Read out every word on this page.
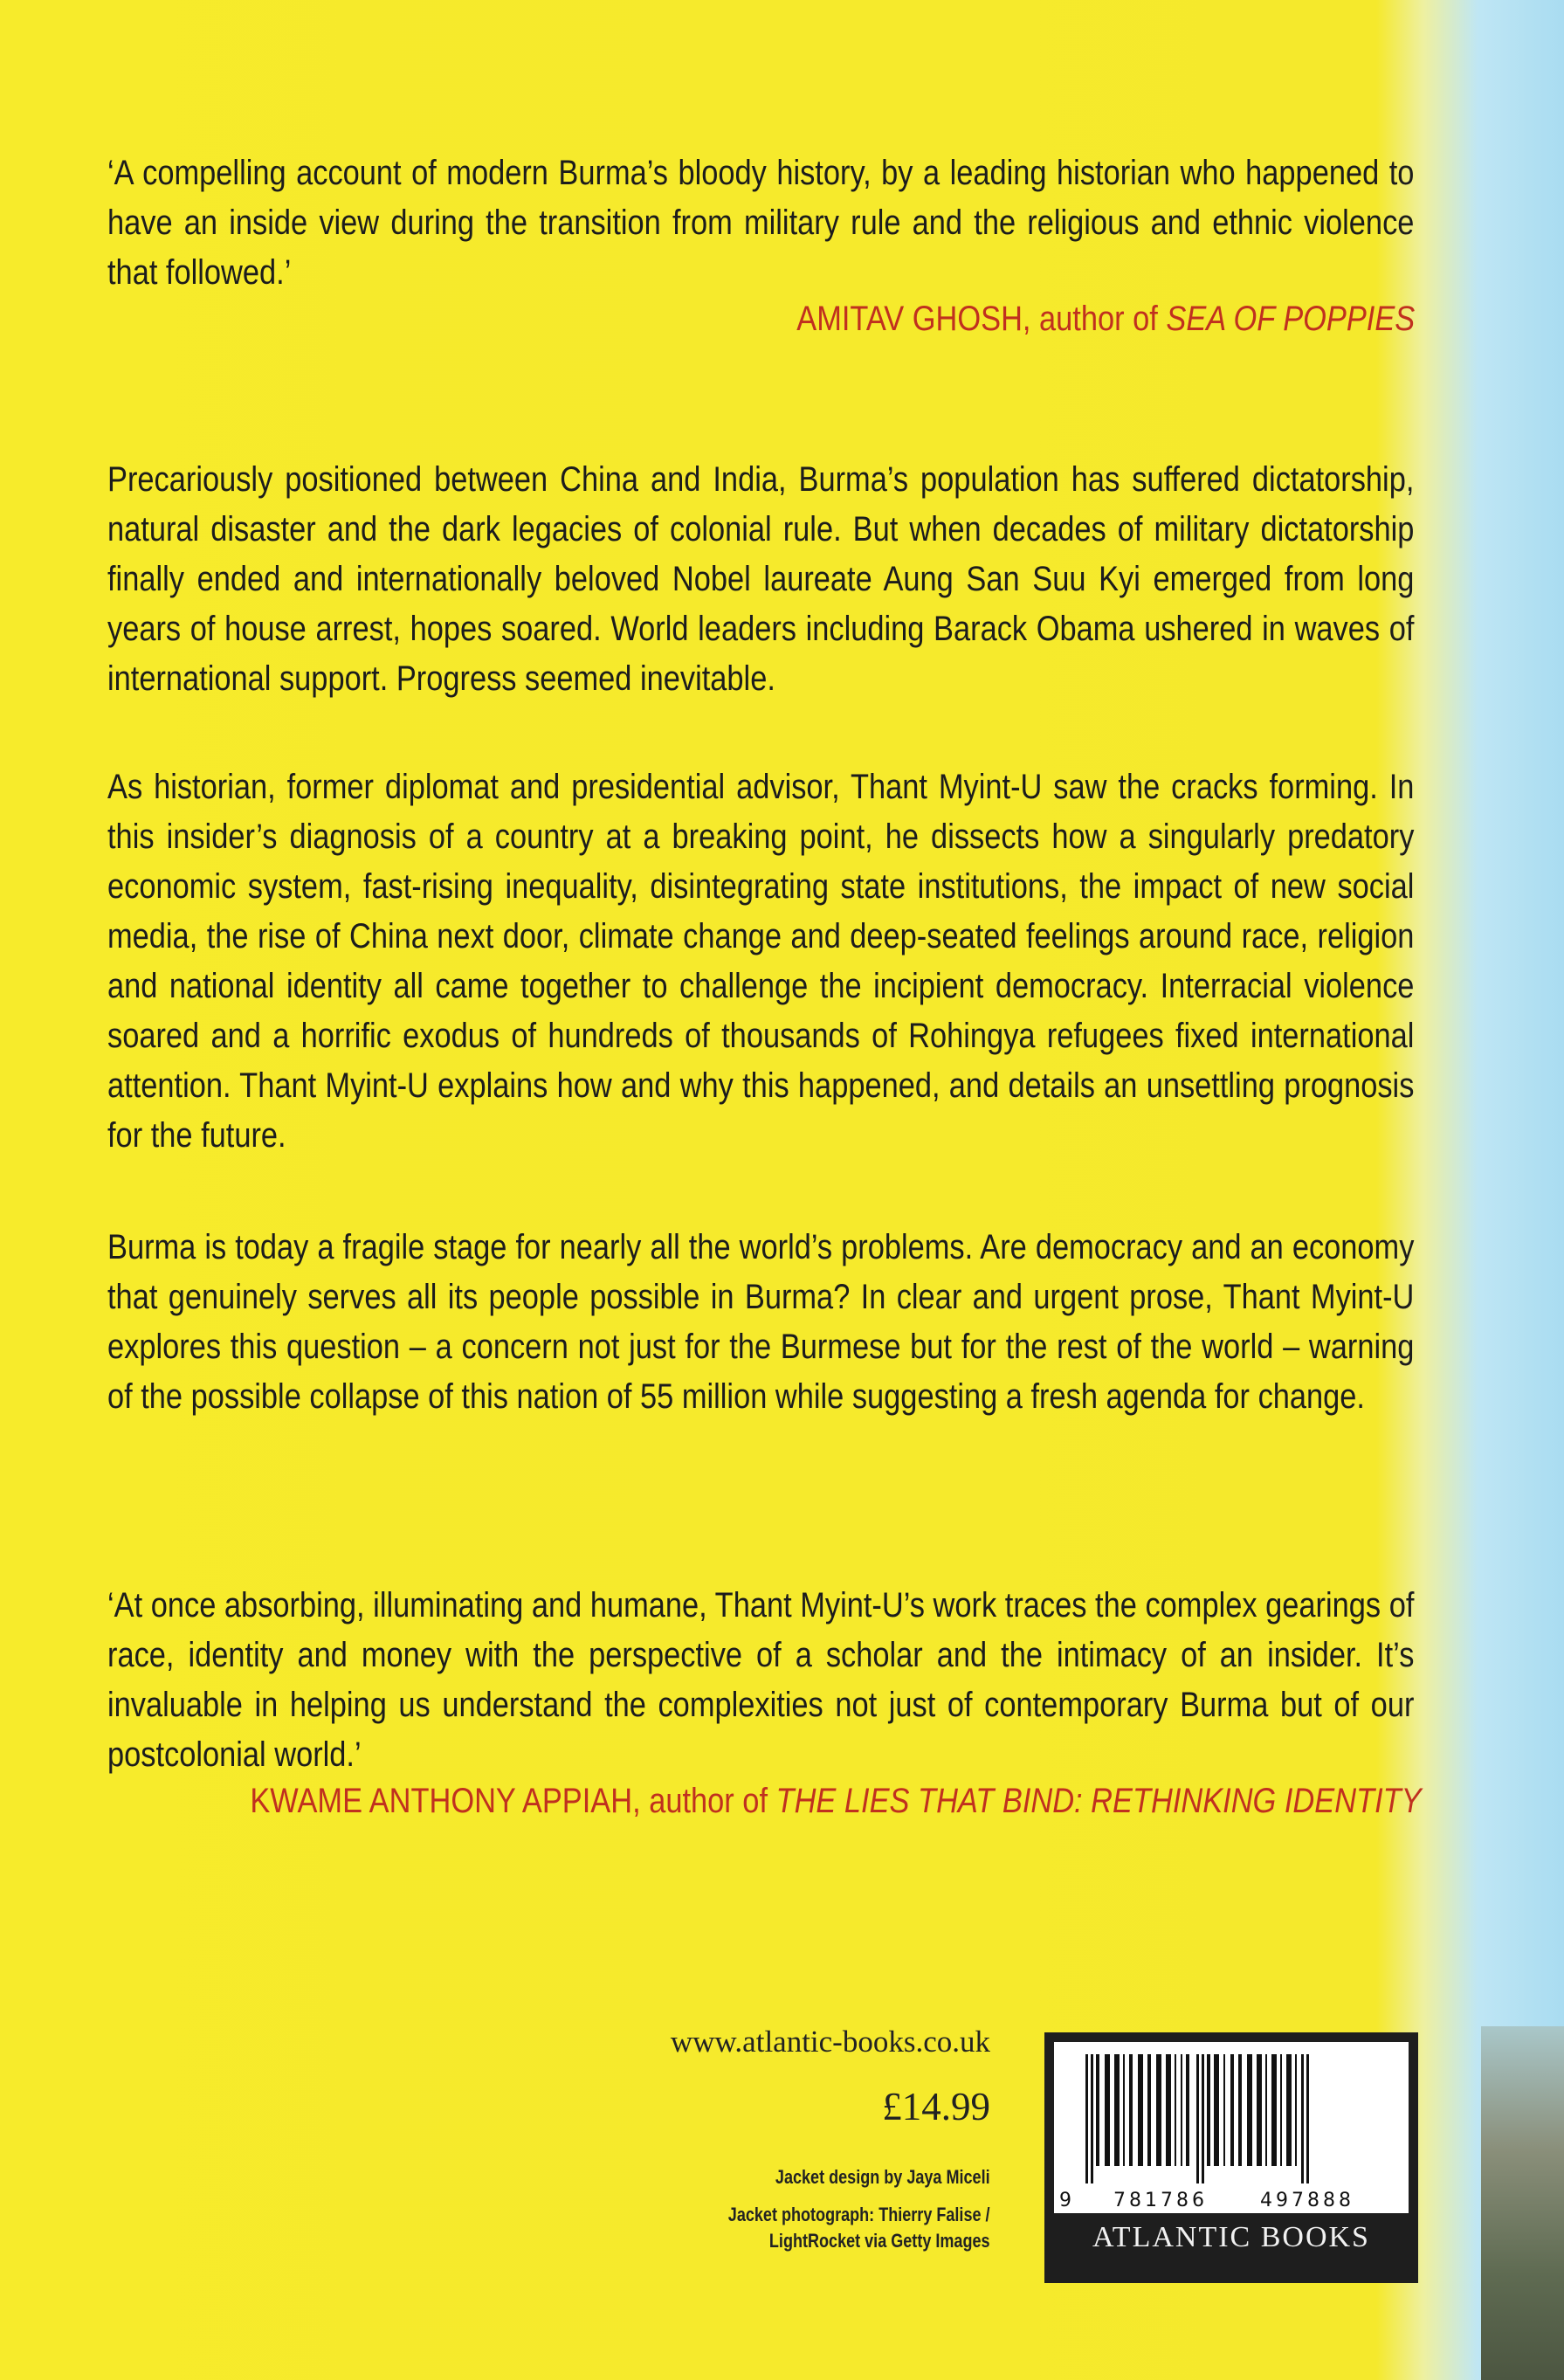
‘A compelling account of modern Burma’s bloody history, by a leading historian who happened to have an inside view during the transition from military rule and the religious and ethnic violence that followed.’
AMITAV GHOSH, author of SEA OF POPPIES
Precariously positioned between China and India, Burma’s population has suffered dictatorship, natural disaster and the dark legacies of colonial rule. But when decades of military dictatorship finally ended and internationally beloved Nobel laureate Aung San Suu Kyi emerged from long years of house arrest, hopes soared. World leaders including Barack Obama ushered in waves of international support. Progress seemed inevitable.
As historian, former diplomat and presidential advisor, Thant Myint-U saw the cracks forming. In this insider’s diagnosis of a country at a breaking point, he dissects how a singularly predatory economic system, fast-rising inequality, disintegrating state institutions, the impact of new social media, the rise of China next door, climate change and deep-seated feelings around race, religion and national identity all came together to challenge the incipient democracy. Interracial violence soared and a horrific exodus of hundreds of thousands of Rohingya refugees fixed international attention. Thant Myint-U explains how and why this happened, and details an unsettling prognosis for the future.
Burma is today a fragile stage for nearly all the world’s problems. Are democracy and an economy that genuinely serves all its people possible in Burma? In clear and urgent prose, Thant Myint-U explores this question – a concern not just for the Burmese but for the rest of the world – warning of the possible collapse of this nation of 55 million while suggesting a fresh agenda for change.
‘At once absorbing, illuminating and humane, Thant Myint-U’s work traces the complex gearings of race, identity and money with the perspective of a scholar and the intimacy of an insider. It’s invaluable in helping us understand the complexities not just of contemporary Burma but of our postcolonial world.’
KWAME ANTHONY APPIAH, author of THE LIES THAT BIND: RETHINKING IDENTITY
www.atlantic-books.co.uk
£14.99
Jacket design by Jaya Miceli
Jacket photograph: Thierry Falise /
LightRocket via Getty Images
9 781786	497888
ATLANTIC BOOKS
